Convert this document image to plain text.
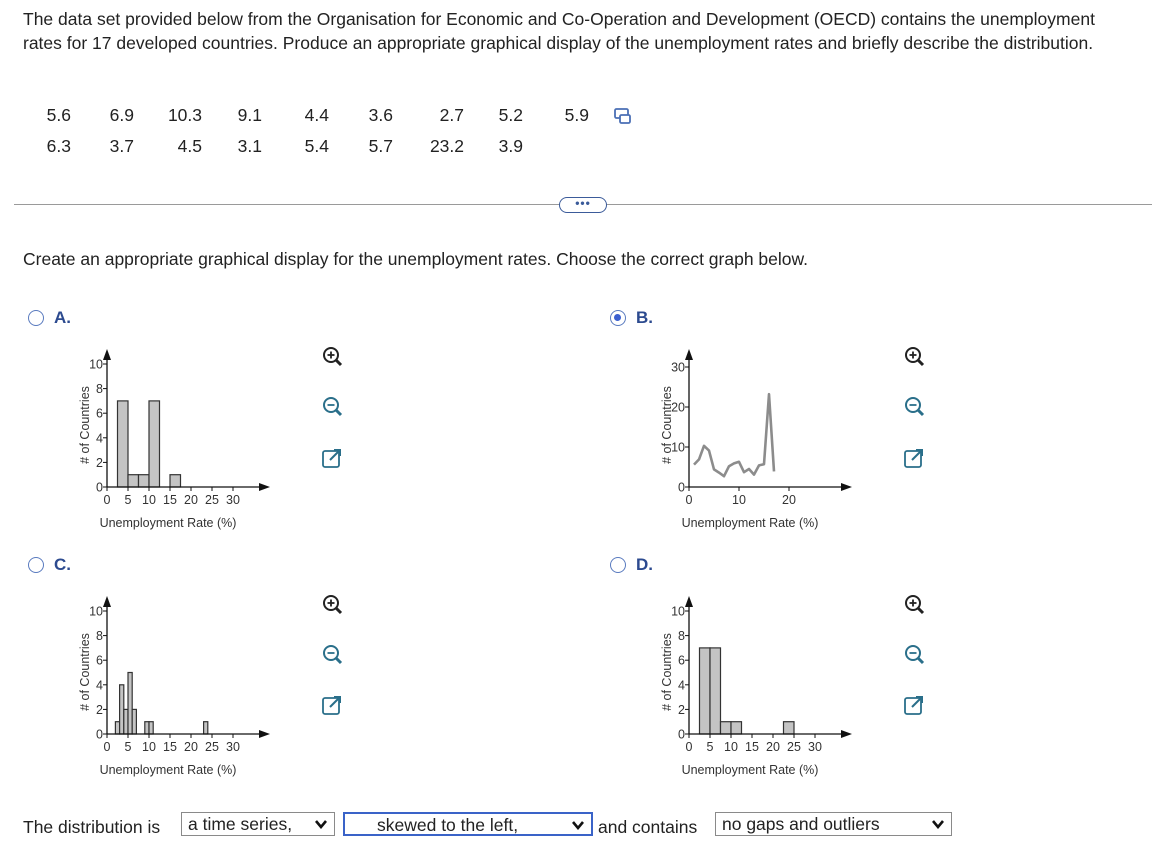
The data set provided below from the Organisation for Economic and Co-Operation and Development (OECD) contains the unemployment rates for 17 developed countries. Produce an appropriate graphical display of the unemployment rates and briefly describe the distribution.
5.6	6.9	10.3	9.1	4.4	3.6	2.7	5.2	5.9
6.3	3.7	4.5	3.1	5.4	5.7	23.2	3.9	
•••
Create an appropriate graphical display for the unemployment rates. Choose the correct graph below.
A.
# of Countries
Unemployment Rate (%)
0
2
4
6
8
10
0 5 10 15 20 25 30
B.
# of Countries
Unemployment Rate (%)
0
10
20
30
0	10	20
C.
# of Countries
Unemployment Rate (%)
0
2
4
6
8
10
0 5 10 15 20 25 30
D.
# of Countries
Unemployment Rate (%)
0
2
4
6
8
10
0 5 10 15 20 25 30
The distribution is	a time series,	skewed to the left,	and contains	no gaps and outliers
